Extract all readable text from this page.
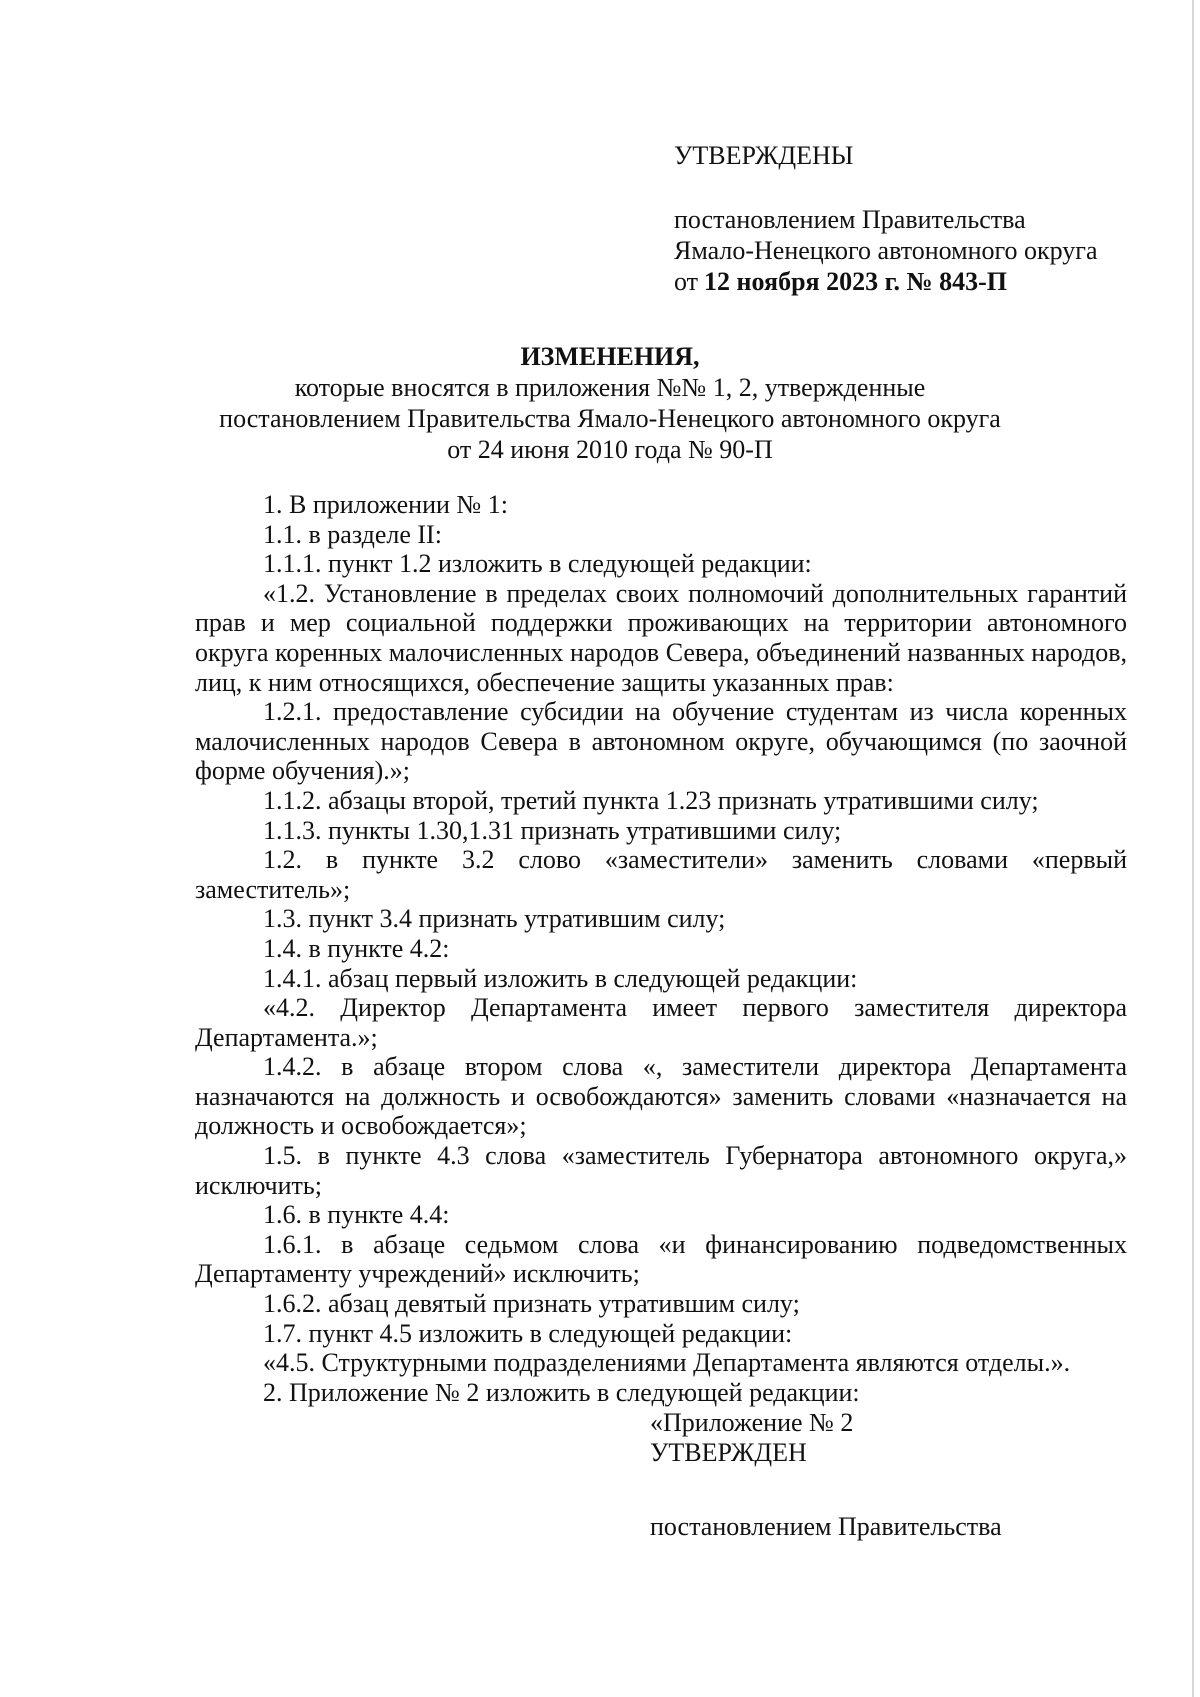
УТВЕРЖДЕНЫ
постановлением Правительства
Ямало-Ненецкого автономного округа
от 12 ноября 2023 г. № 843-П
ИЗМЕНЕНИЯ,
которые вносятся в приложения №№ 1, 2, утвержденные
постановлением Правительства Ямало-Ненецкого автономного округа
от 24 июня 2010 года № 90-П

1. В приложении № 1:

1.1. в разделе II:

1.1.1. пункт 1.2 изложить в следующей редакции:

«1.2. Установление в пределах своих полномочий дополнительных гарантий прав и мер социальной поддержки проживающих на территории автономного округа коренных малочисленных народов Севера, объединений названных народов, лиц, к ним относящихся, обеспечение защиты указанных прав:

1.2.1. предоставление субсидии на обучение студентам из числа коренных малочисленных народов Севера в автономном округе, обучающимся (по заочной форме обучения).»;

1.1.2. абзацы второй, третий пункта 1.23 признать утратившими силу;

1.1.3. пункты 1.30,1.31 признать утратившими силу;

1.2. в пункте 3.2 слово «заместители» заменить словами «первый заместитель»;

1.3. пункт 3.4 признать утратившим силу;

1.4. в пункте 4.2:

1.4.1. абзац первый изложить в следующей редакции:

«4.2. Директор Департамента имеет первого заместителя директора Департамента.»;

1.4.2. в абзаце втором слова «, заместители директора Департамента назначаются на должность и освобождаются» заменить словами «назначается на должность и освобождается»;

1.5. в пункте 4.3 слова «заместитель Губернатора автономного округа,» исключить;

1.6. в пункте 4.4:

1.6.1. в абзаце седьмом слова «и финансированию подведомственных Департаменту учреждений» исключить;

1.6.2. абзац девятый признать утратившим силу;

1.7. пункт 4.5 изложить в следующей редакции:

«4.5. Структурными подразделениями Департамента являются отделы.».

2. Приложение № 2 изложить в следующей редакции:

«Приложение № 2
УТВЕРЖДЕН
постановлением Правительства
